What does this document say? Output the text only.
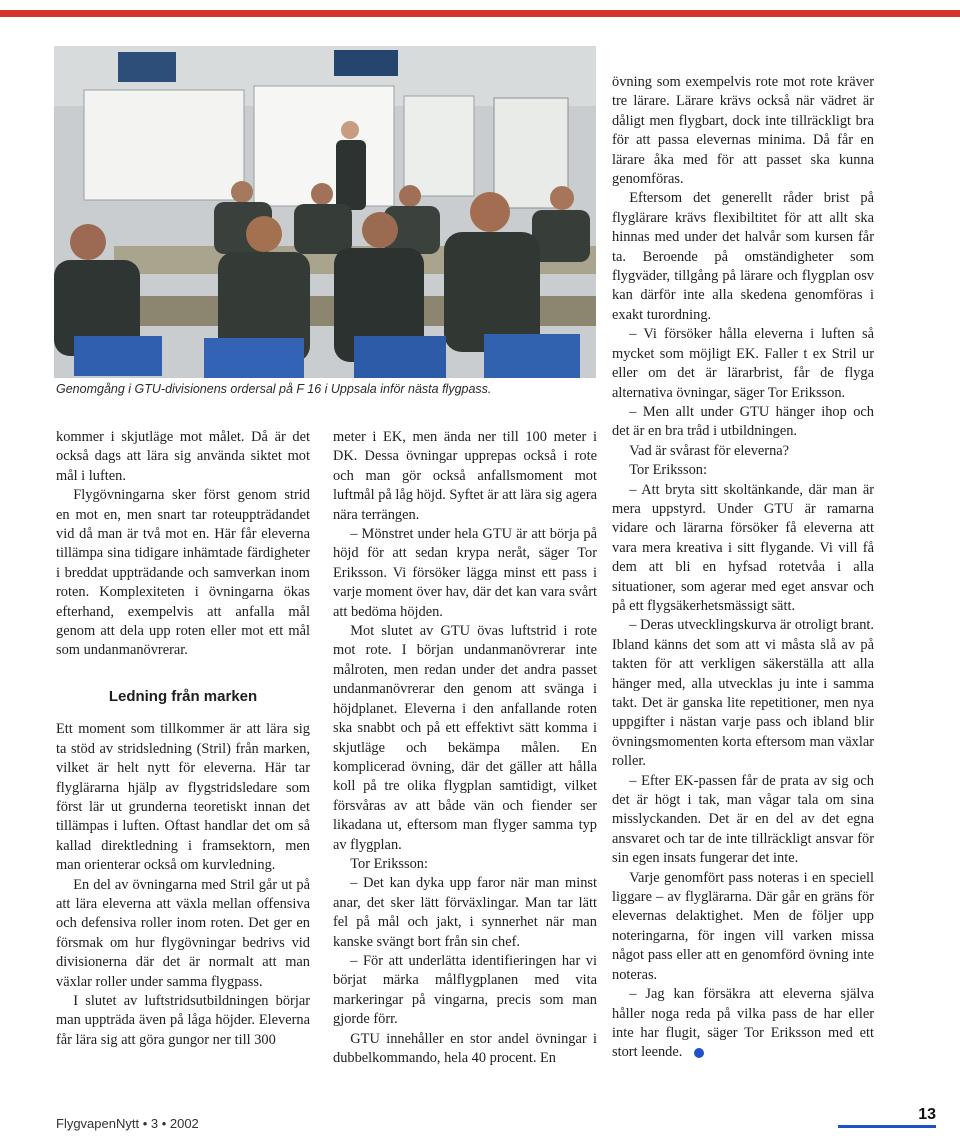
Genomgång i GTU-divisionens ordersal på F 16 i Uppsala inför nästa flygpass.

kommer i skjutläge mot målet. Då är det också dags att lära sig använda siktet mot mål i luften.

Flygövningarna sker först genom strid en mot en, men snart tar roteuppträdandet vid då man är två mot en. Här får eleverna tillämpa sina tidigare inhämtade färdigheter i breddat uppträdande och samverkan inom roten. Komplexiteten i övningarna ökas efterhand, exempelvis att anfalla mål genom att dela upp roten eller mot ett mål som undanmanövrerar.

Ledning från marken

Ett moment som tillkommer är att lära sig ta stöd av stridsledning (Stril) från marken, vilket är helt nytt för eleverna. Här tar flyglärarna hjälp av flygstridsledare som först lär ut grunderna teoretiskt innan det tillämpas i luften. Oftast handlar det om så kallad direktledning i framsektorn, men man orienterar också om kurvledning.

En del av övningarna med Stril går ut på att lära eleverna att växla mellan offensiva och defensiva roller inom roten. Det ger en försmak om hur flygövningar bedrivs vid divisionerna där det är normalt att man växlar roller under samma flygpass.

I slutet av luftstridsutbildningen börjar man uppträda även på låga höjder. Eleverna får lära sig att göra gungor ner till 300

meter i EK, men ända ner till 100 meter i DK. Dessa övningar upprepas också i rote och man gör också anfallsmoment mot luftmål på låg höjd. Syftet är att lära sig agera nära terrängen.

– Mönstret under hela GTU är att börja på höjd för att sedan krypa neråt, säger Tor Eriksson. Vi försöker lägga minst ett pass i varje moment över hav, där det kan vara svårt att bedöma höjden.

Mot slutet av GTU övas luftstrid i rote mot rote. I början undanmanövrerar inte målroten, men redan under det andra passet undanmanövrerar den genom att svänga i höjdplanet. Eleverna i den anfallande roten ska snabbt och på ett effektivt sätt komma i skjutläge och bekämpa målen. En komplicerad övning, där det gäller att hålla koll på tre olika flygplan samtidigt, vilket försvåras av att både vän och fiender ser likadana ut, eftersom man flyger samma typ av flygplan.

Tor Eriksson:

– Det kan dyka upp faror när man minst anar, det sker lätt förväxlingar. Man tar lätt fel på mål och jakt, i synnerhet när man kanske svängt bort från sin chef.

– För att underlätta identifieringen har vi börjat märka målflygplanen med vita markeringar på vingarna, precis som man gjorde förr.

GTU innehåller en stor andel övningar i dubbelkommando, hela 40 procent. En

övning som exempelvis rote mot rote kräver tre lärare. Lärare krävs också när vädret är dåligt men flygbart, dock inte tillräckligt bra för att passa elevernas minima. Då får en lärare åka med för att passet ska kunna genomföras.

Eftersom det generellt råder brist på flyglärare krävs flexibiltitet för att allt ska hinnas med under det halvår som kursen får ta. Beroende på omständigheter som flygväder, tillgång på lärare och flygplan osv kan därför inte alla skedena genomföras i exakt turordning.

– Vi försöker hålla eleverna i luften så mycket som möjligt EK. Faller t ex Stril ur eller om det är lärarbrist, får de flyga alternativa övningar, säger Tor Eriksson.

– Men allt under GTU hänger ihop och det är en bra tråd i utbildningen.

Vad är svårast för eleverna?

Tor Eriksson:

– Att bryta sitt skoltänkande, där man är mera uppstyrd. Under GTU är ramarna vidare och lärarna försöker få eleverna att vara mera kreativa i sitt flygande. Vi vill få dem att bli en hyfsad rotetvåa i alla situationer, som agerar med eget ansvar och på ett flygsäkerhetsmässigt sätt.

– Deras utvecklingskurva är otroligt brant. Ibland känns det som att vi måsta slå av på takten för att verkligen säkerställa att alla hänger med, alla utvecklas ju inte i samma takt. Det är ganska lite repetitioner, men nya uppgifter i nästan varje pass och ibland blir övningsmomenten korta eftersom man växlar roller.

– Efter EK-passen får de prata av sig och det är högt i tak, man vågar tala om sina misslyckanden. Det är en del av det egna ansvaret och tar de inte tillräckligt ansvar för sin egen insats fungerar det inte.

Varje genomfört pass noteras i en speciell liggare – av flyglärarna. Där går en gräns för elevernas delaktighet. Men de följer upp noteringarna, för ingen vill varken missa något pass eller att en genomförd övning inte noteras.

– Jag kan försäkra att eleverna själva håller noga reda på vilka pass de har eller inte har flugit, säger Tor Eriksson med ett stort leende.

FlygvapenNytt • 3 • 2002
13
